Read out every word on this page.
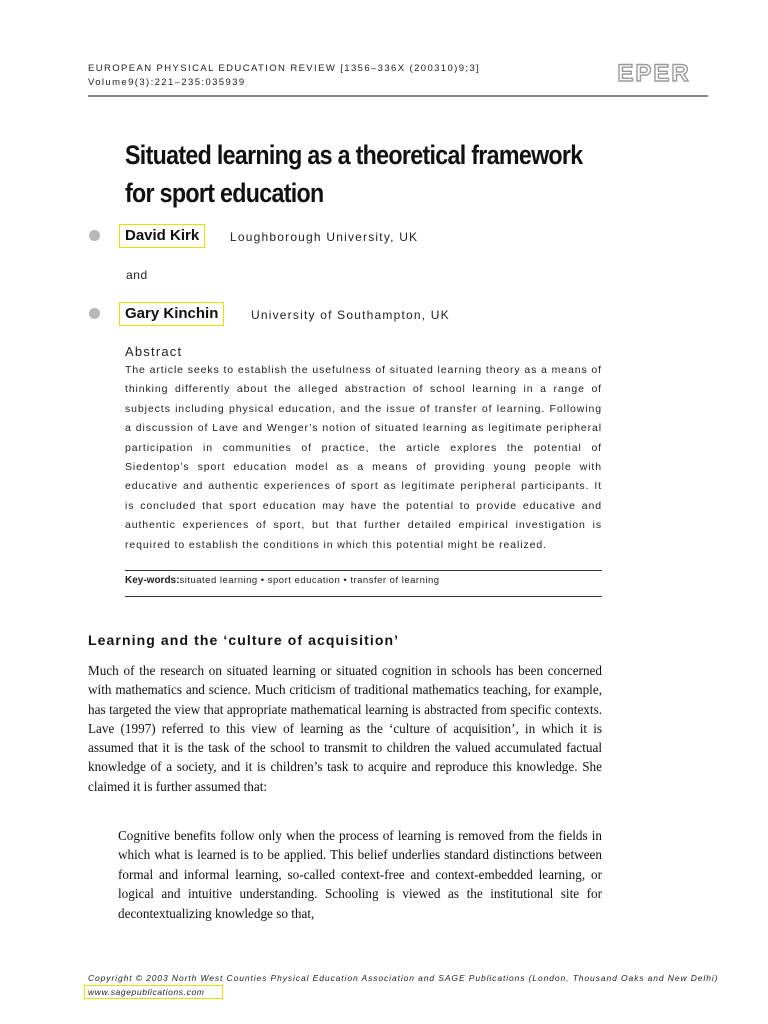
EUROPEAN PHYSICAL EDUCATION REVIEW [1356–336X (200310)9;3]
Volume9(3):221–235:035939	EPER
Situated learning as a theoretical framework
for sport education
David Kirk	Loughborough University, UK
and
Gary Kinchin	University of Southampton, UK
Abstract
The article seeks to establish the usefulness of situated learning theory as a means of thinking differently about the alleged abstraction of school learning in a range of subjects including physical education, and the issue of transfer of learning. Following a discussion of Lave and Wenger’s notion of situated learning as legitimate peripheral participation in communities of practice, the article explores the potential of Siedentop’s sport education model as a means of providing young people with educative and authentic experiences of sport as legitimate peripheral participants. It is concluded that sport education may have the potential to provide educative and authentic experiences of sport, but that further detailed empirical investigation is required to establish the conditions in which this potential might be realized.
Key-words:situated learning • sport education • transfer of learning
Learning and the ‘culture of acquisition’
Much of the research on situated learning or situated cognition in schools has been concerned with mathematics and science. Much criticism of traditional mathematics teaching, for example, has targeted the view that appropriate mathematical learning is abstracted from specific contexts. Lave (1997) referred to this view of learning as the ‘culture of acquisition’, in which it is assumed that it is the task of the school to transmit to children the valued accumulated factual knowledge of a society, and it is children’s task to acquire and reproduce this knowledge. She claimed it is further assumed that:
Cognitive benefits follow only when the process of learning is removed from the fields in which what is learned is to be applied. This belief underlies standard distinctions between formal and informal learning, so-called context-free and context-embedded learning, or logical and intuitive understanding. Schooling is viewed as the institutional site for decontextualizing knowledge so that,
Copyright © 2003 North West Counties Physical Education Association and SAGE Publications (London, Thousand Oaks and New Delhi)
www.sagepublications.com
